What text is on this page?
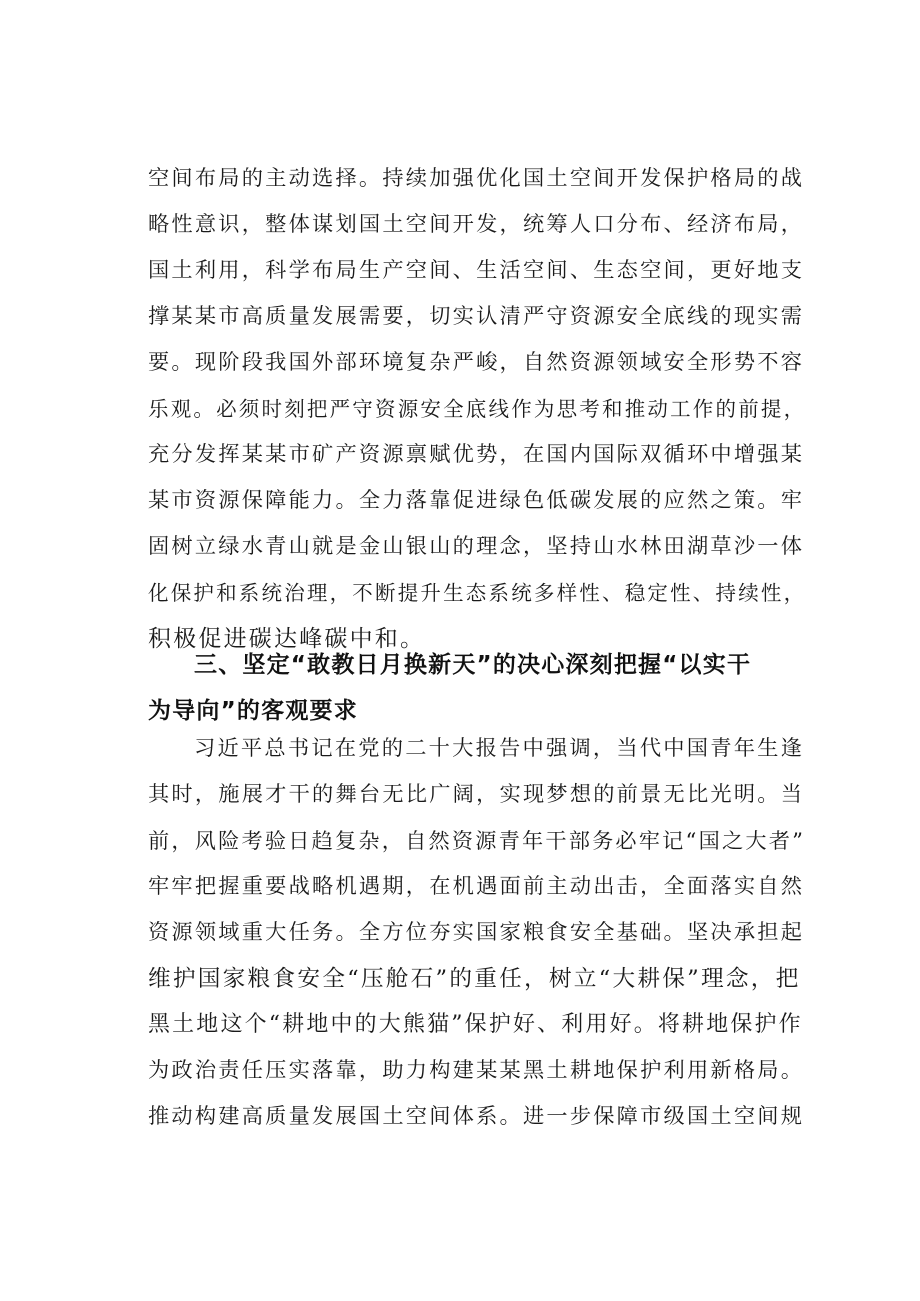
空间布局的主动选择。持续加强优化国土空间开发保护格局的战
略性意识，整体谋划国土空间开发，统筹人口分布、经济布局，
国土利用，科学布局生产空间、生活空间、生态空间，更好地支
撑某某市高质量发展需要，切实认清严守资源安全底线的现实需
要。现阶段我国外部环境复杂严峻，自然资源领域安全形势不容
乐观。必须时刻把严守资源安全底线作为思考和推动工作的前提，
充分发挥某某市矿产资源禀赋优势，在国内国际双循环中增强某
某市资源保障能力。全力落靠促进绿色低碳发展的应然之策。牢
固树立绿水青山就是金山银山的理念，坚持山水林田湖草沙一体
化保护和系统治理，不断提升生态系统多样性、稳定性、持续性，
积极促进碳达峰碳中和。
三、坚定“敢教日月换新天”的决心深刻把握“以实干
为导向”的客观要求
习近平总书记在党的二十大报告中强调，当代中国青年生逢
其时，施展才干的舞台无比广阔，实现梦想的前景无比光明。当
前，风险考验日趋复杂，自然资源青年干部务必牢记“国之大者”
牢牢把握重要战略机遇期，在机遇面前主动出击，全面落实自然
资源领域重大任务。全方位夯实国家粮食安全基础。坚决承担起
维护国家粮食安全“压舱石”的重任，树立“大耕保”理念，把
黑土地这个“耕地中的大熊猫”保护好、利用好。将耕地保护作
为政治责任压实落靠，助力构建某某黑土耕地保护利用新格局。
推动构建高质量发展国土空间体系。进一步保障市级国土空间规
